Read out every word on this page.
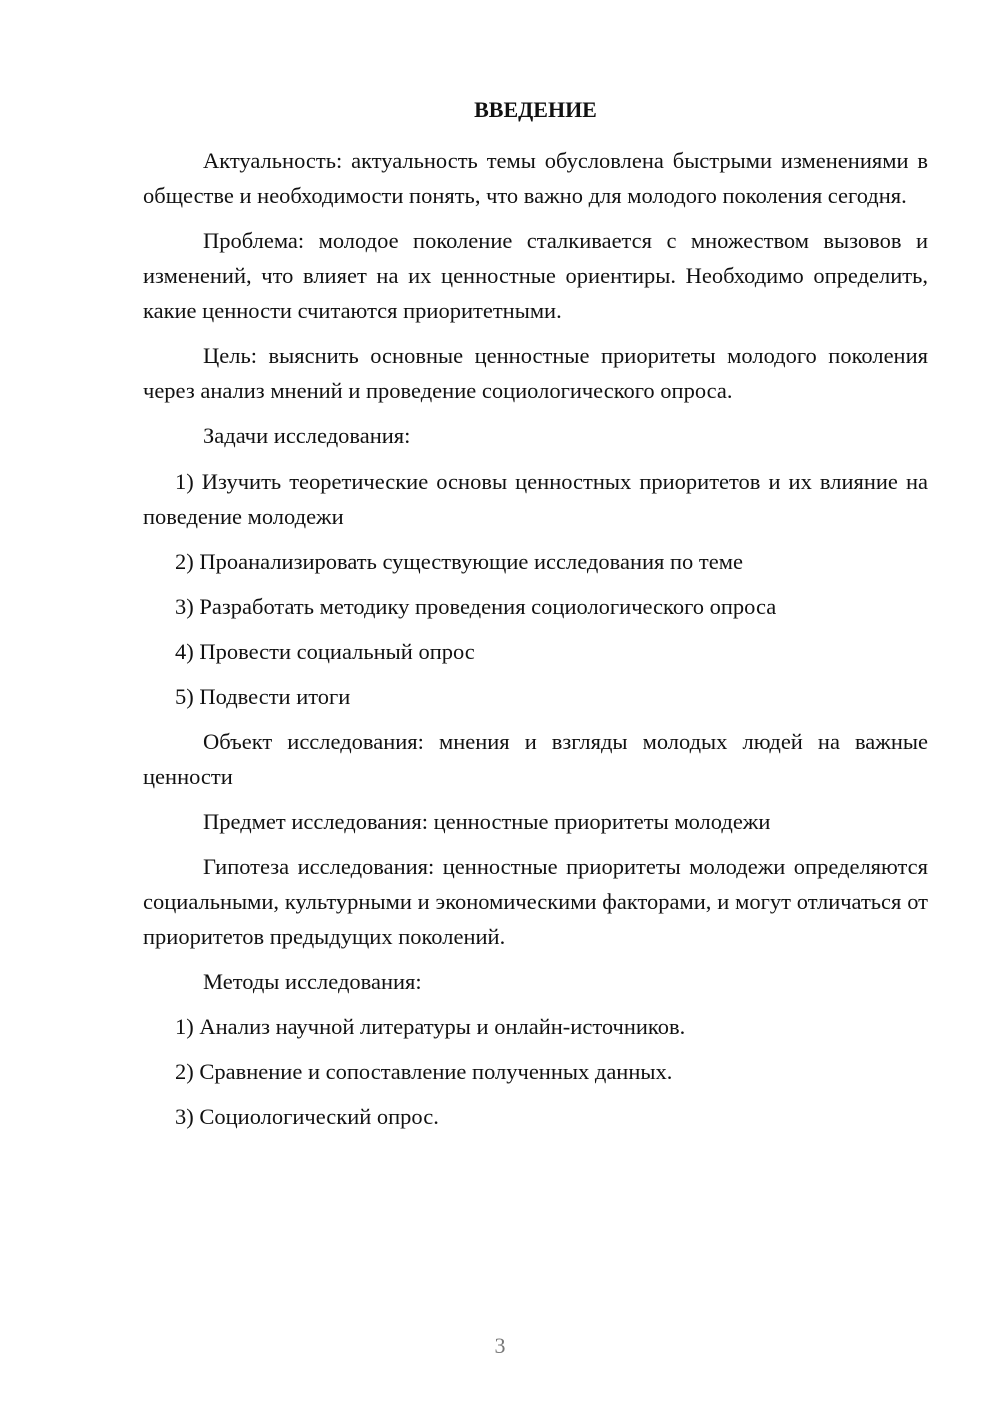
ВВЕДЕНИЕ

Актуальность: актуальность темы обусловлена быстрыми изменениями в обществе и необходимости понять, что важно для молодого поколения сегодня.

Проблема: молодое поколение сталкивается с множеством вызовов и изменений, что влияет на их ценностные ориентиры. Необходимо определить, какие ценности считаются приоритетными.

Цель: выяснить основные ценностные приоритеты молодого поколения через анализ мнений и проведение социологического опроса.

Задачи исследования:

1) Изучить теоретические основы ценностных приоритетов и их влияние на поведение молодежи

2) Проанализировать существующие исследования по теме

3) Разработать методику проведения социологического опроса

4) Провести социальный опрос

5) Подвести итоги

Объект исследования: мнения и взгляды молодых людей на важные ценности

Предмет исследования: ценностные приоритеты молодежи

Гипотеза исследования: ценностные приоритеты молодежи определяются социальными, культурными и экономическими факторами, и могут отличаться от приоритетов предыдущих поколений.

Методы исследования:

1) Анализ научной литературы и онлайн-источников.

2) Сравнение и сопоставление полученных данных.

3) Социологический опрос.

3
